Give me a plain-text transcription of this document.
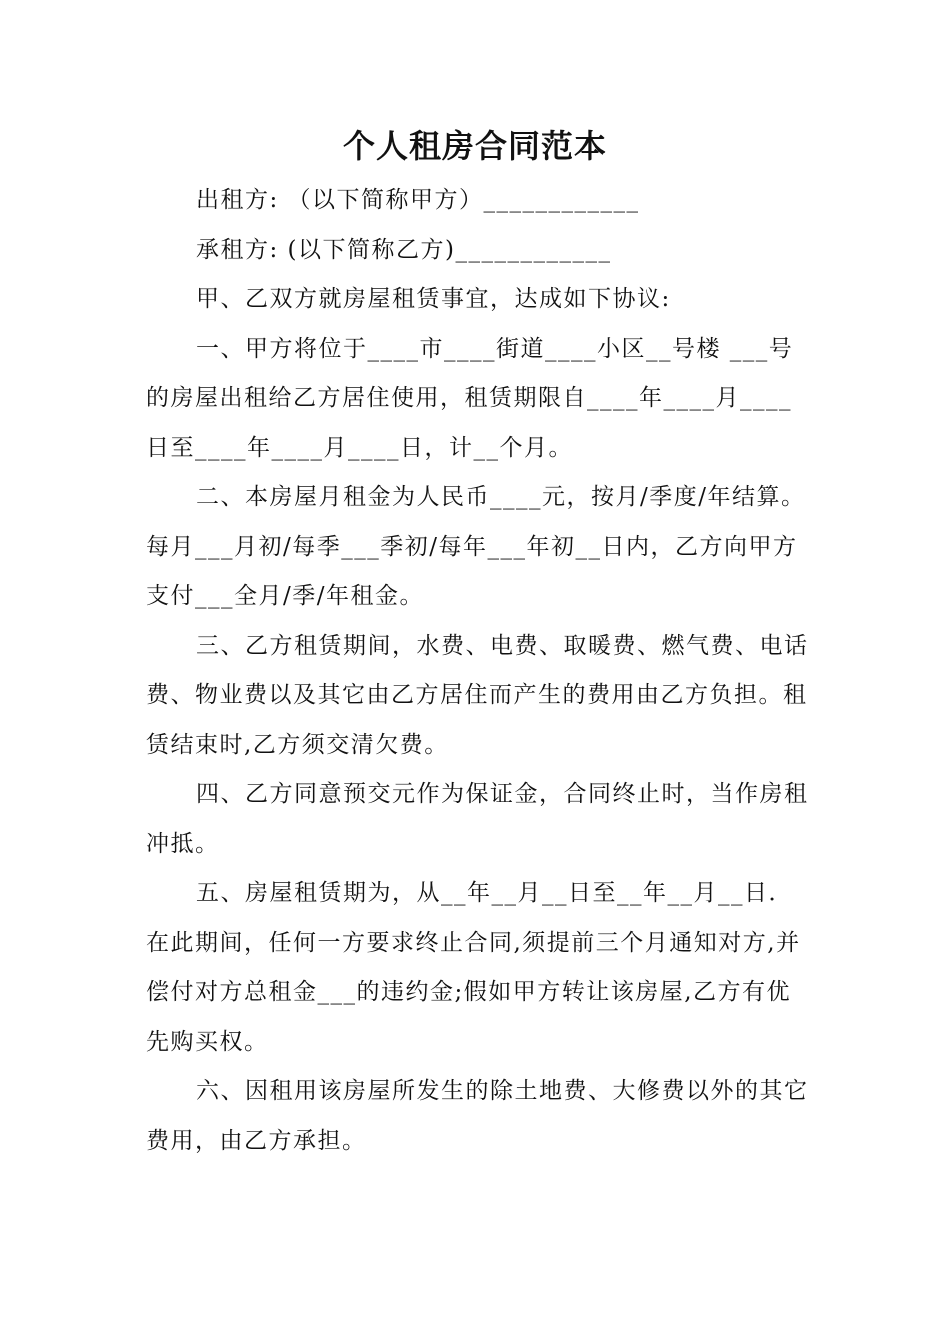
个人租房合同范本

出租方: （以下简称甲方）____________

承租方: (以下简称乙方)____________

甲、乙双方就房屋租赁事宜，达成如下协议:

一、甲方将位于____市____街道____小区__号楼 ___号的房屋出租给乙方居住使用，租赁期限自____年____月____日至____年____月____日，计__个月。

二、本房屋月租金为人民币____元，按月/季度/年结算。每月___月初/每季___季初/每年___年初__日内，乙方向甲方支付___全月/季/年租金。

三、乙方租赁期间，水费、电费、取暖费、燃气费、电话费、物业费以及其它由乙方居住而产生的费用由乙方负担。租赁结束时,乙方须交清欠费。

四、乙方同意预交元作为保证金，合同终止时，当作房租冲抵。

五、房屋租赁期为，从__年__月__日至__年__月__日．在此期间，任何一方要求终止合同,须提前三个月通知对方,并偿付对方总租金___的违约金;假如甲方转让该房屋,乙方有优先购买权。

六、因租用该房屋所发生的除土地费、大修费以外的其它费用，由乙方承担。
